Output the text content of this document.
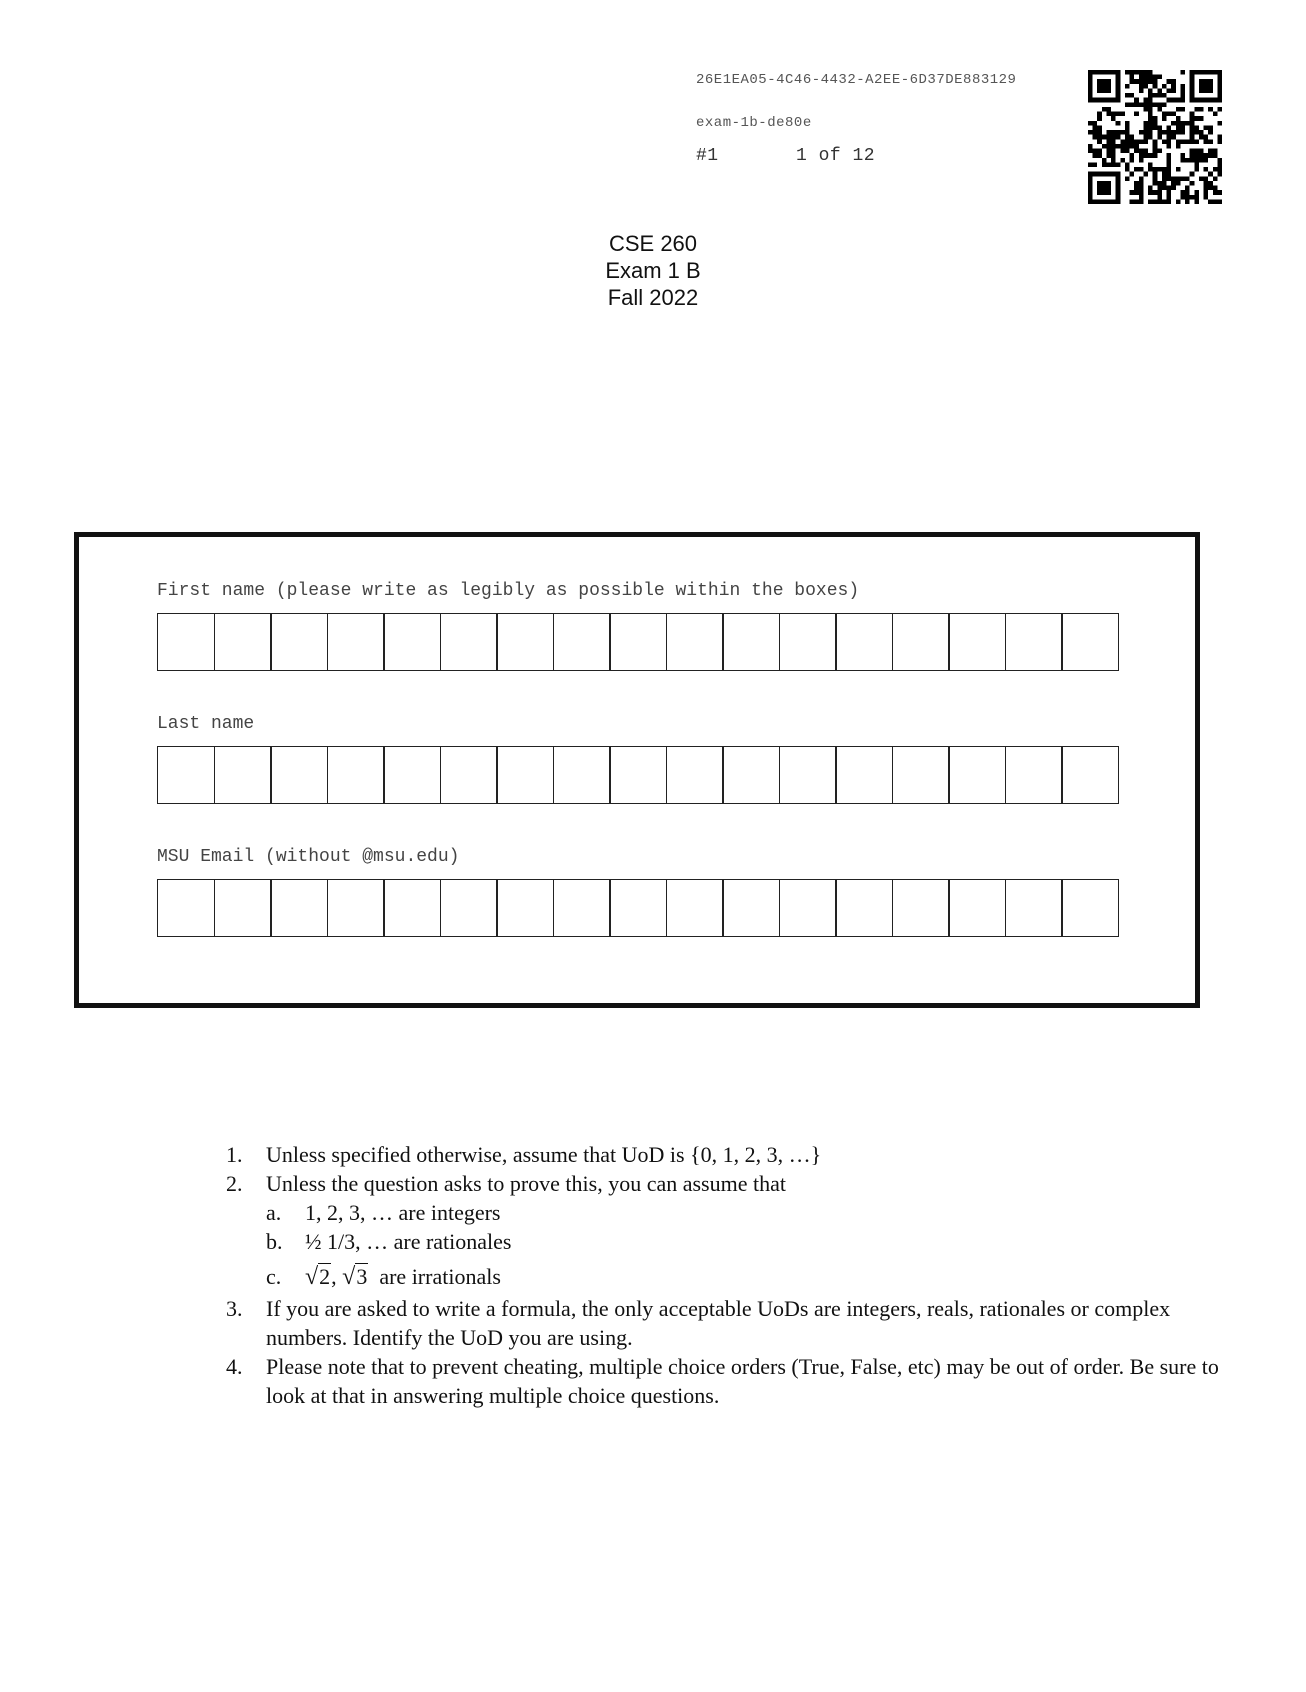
26E1EA05-4C46-4432-A2EE-6D37DE883129
exam-1b-de80e
#1	1 of 12
CSE 260
Exam 1 B
Fall 2022
First name (please write as legibly as possible within the boxes)
Last name
MSU Email (without @msu.edu)
1. Unless specified otherwise, assume that UoD is {0, 1, 2, 3, …}
2. Unless the question asks to prove this, you can assume that
a. 1, 2, 3, … are integers
b. ½ 1/3, … are rationales
c. √2, √3 are irrationals
3. If you are asked to write a formula, the only acceptable UoDs are integers, reals, rationales or complex numbers. Identify the UoD you are using.
4. Please note that to prevent cheating, multiple choice orders (True, False, etc) may be out of order. Be sure to look at that in answering multiple choice questions.
